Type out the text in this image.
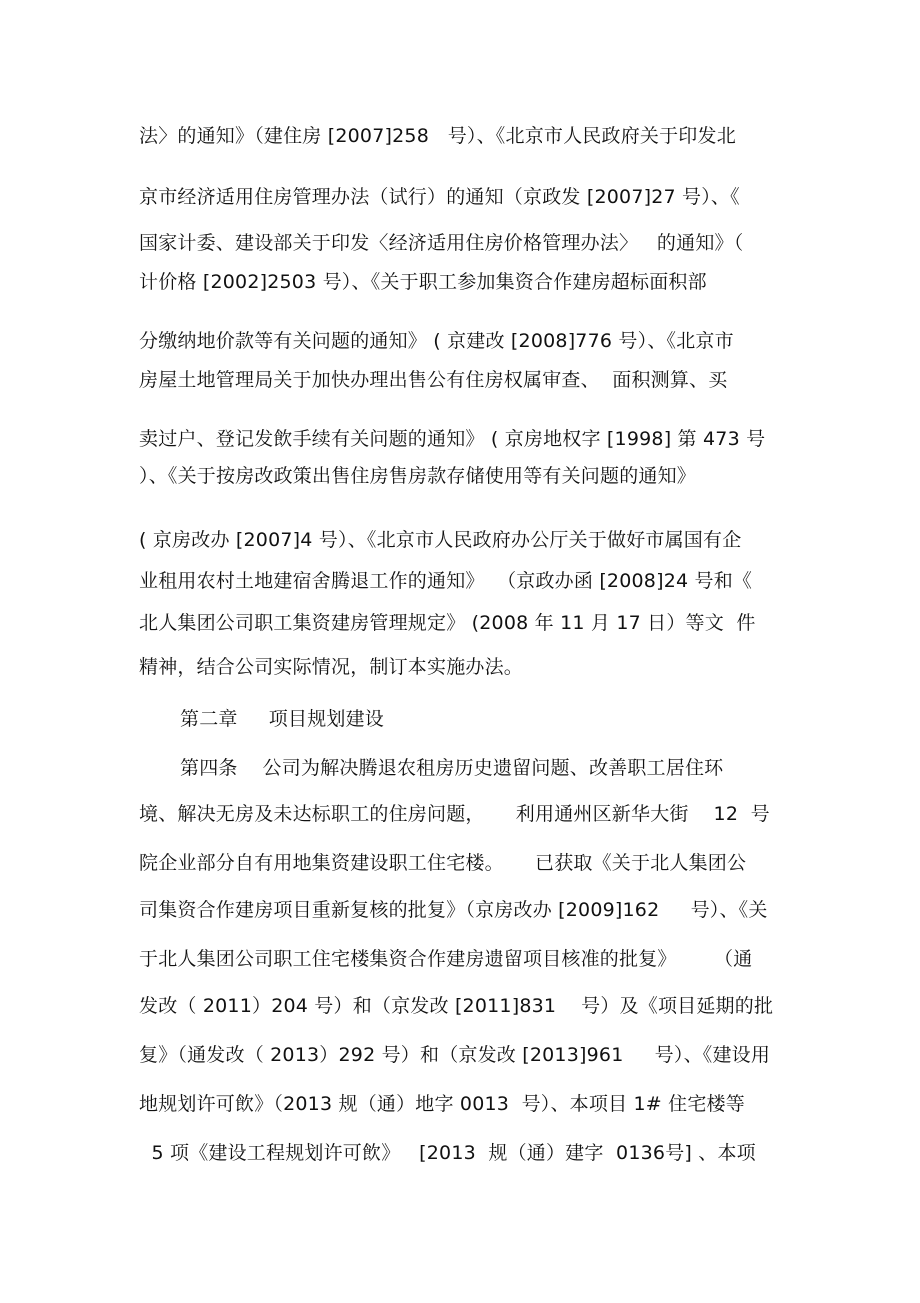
法〉的通知》（建住房 [2007]258   号）、《北京市人民政府关于印发北
京市经济适用住房管理办法（试行）的通知（京政发 [2007]27 号）、《
国家计委、建设部关于印发〈经济适用住房价格管理办法〉   的通知》（
计价格 [2002]2503 号）、《关于职工参加集资合作建房超标面积部
分缴纳地价款等有关问题的通知》 ( 京建改 [2008]776 号）、《北京市
房屋土地管理局关于加快办理出售公有住房权属审查、  面积测算、买
卖过户、登记发飲手续有关问题的通知》 ( 京房地权字 [1998] 第 473 号
）、《关于按房改政策出售住房售房款存储使用等有关问题的通知》
( 京房改办 [2007]4 号）、《北京市人民政府办公厅关于做好市属国有企
业租用农村土地建宿舍腾退工作的通知》  （京政办函 [2008]24 号和《
北人集团公司职工集资建房管理规定》 (2008 年 11 月 17 日）等文  件
精神，结合公司实际情况，制订本实施办法。
第二章     项目规划建设
第四条    公司为解决腾退农租房历史遗留问题、改善职工居住环
境、解决无房及未达标职工的住房问题，     利用通州区新华大街    12  号
院企业部分自有用地集资建设职工住宅楼。     已获取《关于北人集团公
司集资合作建房项目重新复核的批复》（京房改办 [2009]162     号）、《关
于北人集团公司职工住宅楼集资合作建房遗留项目核准的批复》      （通
发改（ 2011）204 号）和（京发改 [2011]831    号）及《项目延期的批
复》（通发改（ 2013）292 号）和（京发改 [2013]961     号）、《建设用
地规划许可飲》（2013 规（通）地字 0013  号）、本项目 1# 住宅楼等
5 项《建设工程规划许可飲》   [2013  规（通）建字  0136号] 、本项
